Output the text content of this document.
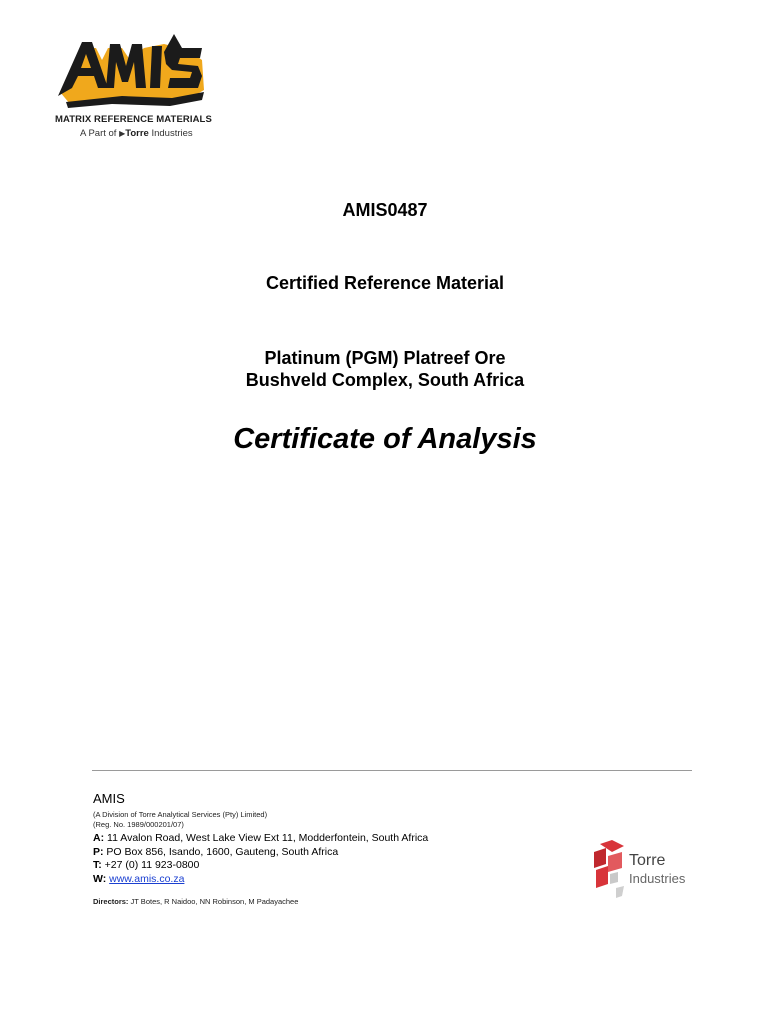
MATRIX REFERENCE MATERIALS
A Part of ▶Torre Industries
AMIS0487
Certified Reference Material
Platinum (PGM) Platreef Ore
Bushveld Complex, South Africa
Certificate of Analysis
AMIS
(A Division of Torre Analytical Services (Pty) Limited)
(Reg. No. 1989/000201/07)
A: 11 Avalon Road, West Lake View Ext 11, Modderfontein, South Africa
P: PO Box 856, Isando, 1600, Gauteng, South Africa
T: +27 (0) 11 923-0800
W: www.amis.co.za
Directors: JT Botes, R Naidoo, NN Robinson, M Padayachee
Torre
Industries
